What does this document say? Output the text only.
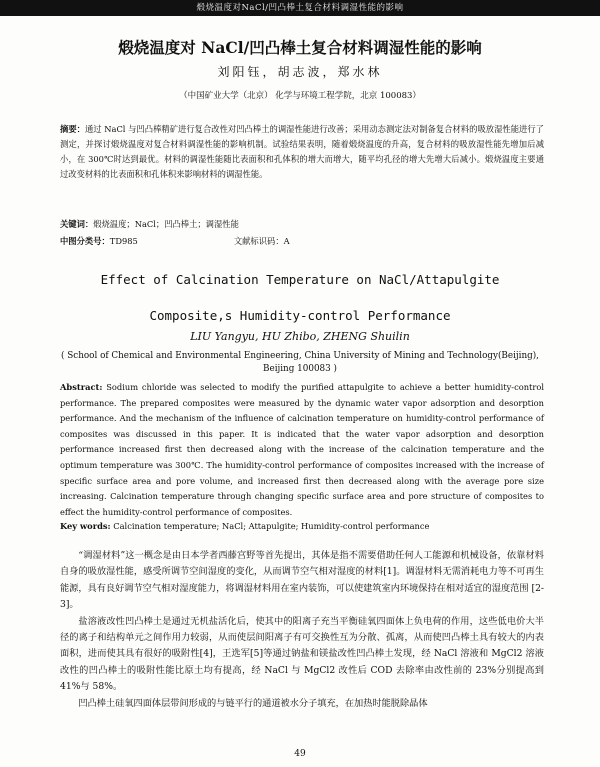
煅烧温度对NaCl/凹凸棒土复合材料调湿性能的影响
煅烧温度对 NaCl/凹凸棒土复合材料调湿性能的影响
刘阳钰，胡志波，郑水林
（中国矿业大学（北京） 化学与环境工程学院，北京 100083）
摘要：通过 NaCl 与凹凸棒精矿进行复合改性对凹凸棒土的调湿性能进行改善；采用动态测定法对制备复合材料的吸放湿性能进行了测定，并探讨煅烧温度对复合材料调湿性能的影响机制。试验结果表明，随着煅烧温度的升高，复合材料的吸放湿性能先增加后减小，在 300℃时达到最优。材料的调湿性能随比表面积和孔体积的增大而增大，随平均孔径的增大先增大后减小。煅烧温度主要通过改变材料的比表面积和孔体积来影响材料的调湿性能。
关键词：煅烧温度；NaCl；凹凸棒土；调湿性能
中图分类号：TD985	文献标识码：A
Effect of Calcination Temperature on NaCl/Attapulgite
Composite,s Humidity-control Performance
LIU Yangyu, HU Zhibo, ZHENG Shuilin
( School of Chemical and Environmental Engineering, China University of Mining and Technology(Beijing),
Beijing 100083 )
Abstract: Sodium chloride was selected to modify the purified attapulgite to achieve a better humidity-control performance. The prepared composites were measured by the dynamic water vapor adsorption and desorption performance. And the mechanism of the influence of calcination temperature on humidity-control performance of composites was discussed in this paper. It is indicated that the water vapor adsorption and desorption performance increased first then decreased along with the increase of the calcination temperature and the optimum temperature was 300℃. The humidity-control performance of composites increased with the increase of specific surface area and pore volume, and increased first then decreased along with the average pore size increasing. Calcination temperature through changing specific surface area and pore structure of composites to effect the humidity-control performance of composites.
Key words: Calcination temperature; NaCl; Attapulgite; Humidity-control performance

“调湿材料”这一概念是由日本学者西藤宫野等首先提出，其体是指不需要借助任何人工能源和机械设备，依靠材料自身的吸放湿性能，感受所调节空间湿度的变化，从而调节空气相对湿度的材料[1]。调湿材料无需消耗电力等不可再生能源，具有良好调节空气相对湿度能力，将调湿材料用在室内装饰，可以使建筑室内环境保持在相对适宜的湿度范围 [2-3]。

盐溶液改性凹凸棒土是通过无机盐活化后，使其中的阳离子充当平衡硅氧四面体上负电荷的作用，这些低电价大半径的离子和结构单元之间作用力较弱，从而使层间阳离子有可交换性互为分散、孤离，从而使凹凸棒土具有较大的内表面积，进而使其具有很好的吸附性[4]，王选军[5]等通过钠盐和镁盐改性凹凸棒土发现，经 NaCl 溶液和 MgCl2 溶液改性的凹凸棒土的吸附性能比原土均有提高，经 NaCl 与 MgCl2 改性后 COD 去除率由改性前的 23%分别提高到 41%与 58%。

凹凸棒土硅氧四面体层带间形成的与链平行的通道被水分子填充，在加热时能脱除晶体

49
